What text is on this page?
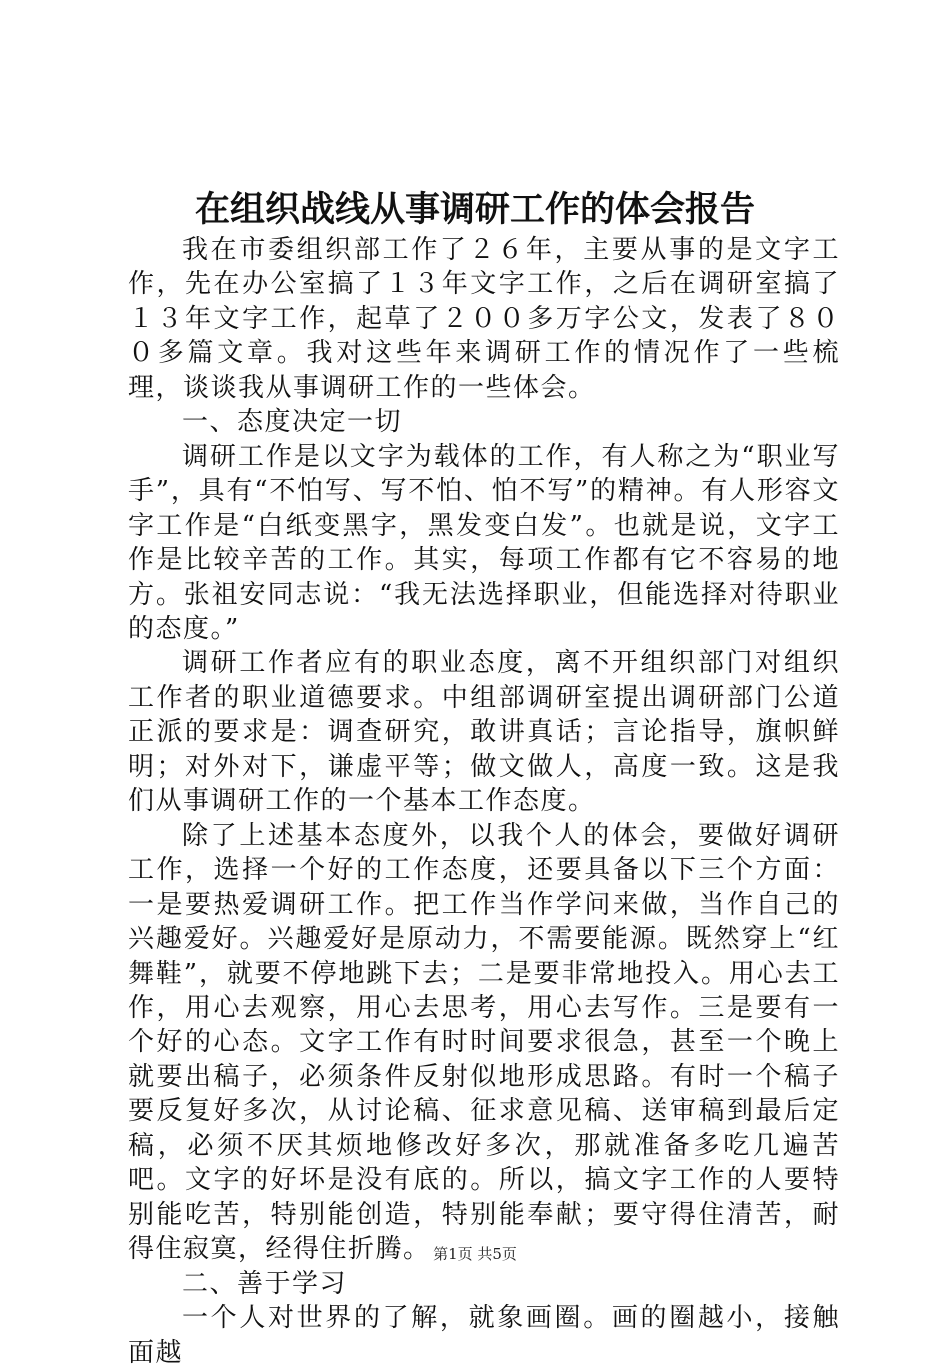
在组织战线从事调研工作的体会报告

我在市委组织部工作了２６年，主要从事的是文字工作，先在办公室搞了１３年文字工作，之后在调研室搞了１３年文字工作，起草了２００多万字公文，发表了８００多篇文章。我对这些年来调研工作的情况作了一些梳理，谈谈我从事调研工作的一些体会。

一、态度决定一切

调研工作是以文字为载体的工作，有人称之为“职业写手”，具有“不怕写、写不怕、怕不写”的精神。有人形容文字工作是“白纸变黑字，黑发变白发”。也就是说，文字工作是比较辛苦的工作。其实，每项工作都有它不容易的地方。张祖安同志说：“我无法选择职业，但能选择对待职业的态度。”

调研工作者应有的职业态度，离不开组织部门对组织工作者的职业道德要求。中组部调研室提出调研部门公道正派的要求是：调查研究，敢讲真话；言论指导，旗帜鲜明；对外对下，谦虚平等；做文做人，高度一致。这是我们从事调研工作的一个基本工作态度。

除了上述基本态度外，以我个人的体会，要做好调研工作，选择一个好的工作态度，还要具备以下三个方面：一是要热爱调研工作。把工作当作学问来做，当作自己的兴趣爱好。兴趣爱好是原动力，不需要能源。既然穿上“红舞鞋”，就要不停地跳下去；二是要非常地投入。用心去工作，用心去观察，用心去思考，用心去写作。三是要有一个好的心态。文字工作有时时间要求很急，甚至一个晚上就要出稿子，必须条件反射似地形成思路。有时一个稿子要反复好多次，从讨论稿、征求意见稿、送审稿到最后定稿，必须不厌其烦地修改好多次，那就准备多吃几遍苦吧。文字的好坏是没有底的。所以，搞文字工作的人要特别能吃苦，特别能创造，特别能奉献；要守得住清苦，耐得住寂寞，经得住折腾。

二、善于学习

一个人对世界的了解，就象画圈。画的圈越小，接触面越

第1页 共5页
